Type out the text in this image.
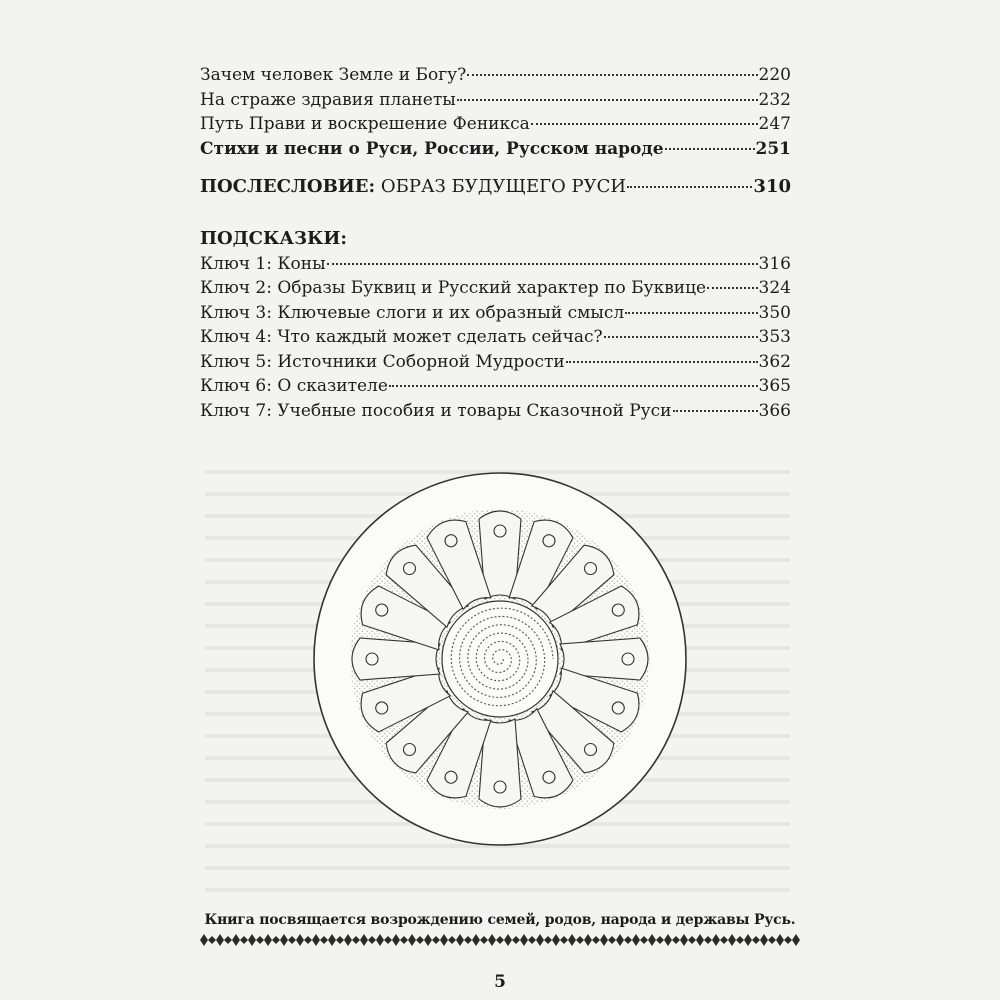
Зачем человек Земле и Богу?	220
На страже здравия планеты	232
Путь Прави и воскрешение Феникса	247
Стихи и песни о Руси, России, Русском народе	251
ПОСЛЕСЛОВИЕ: ОБРАЗ БУДУЩЕГО РУСИ	310
ПОДСКАЗКИ:
Ключ 1: Коны	316
Ключ 2: Образы Буквиц и Русский характер по Буквице	324
Ключ 3: Ключевые слоги и их образный смысл	350
Ключ 4: Что каждый может сделать сейчас?	353
Ключ 5: Источники Соборной Мудрости	362
Ключ 6: О сказителе	365
Ключ 7: Учебные пособия и товары Сказочной Руси	366
Книга посвящается возрождению семей, родов, народа и державы Русь.
5
